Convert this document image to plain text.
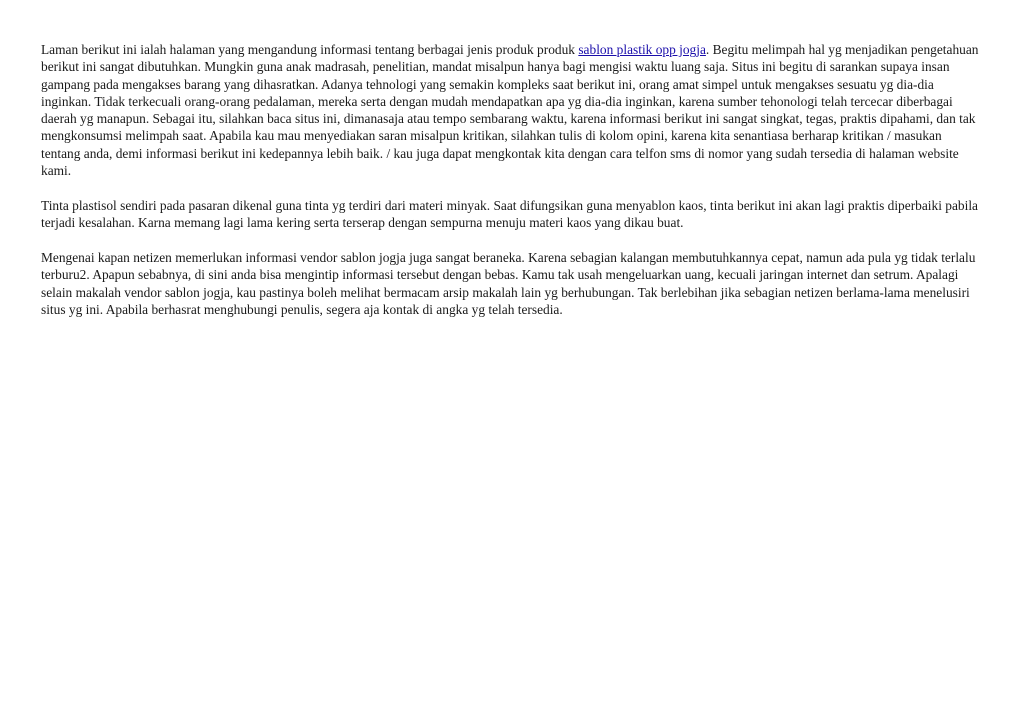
Laman berikut ini ialah halaman yang mengandung informasi tentang berbagai jenis produk produk sablon plastik opp jogja. Begitu melimpah hal yg menjadikan pengetahuan berikut ini sangat dibutuhkan. Mungkin guna anak madrasah, penelitian, mandat misalpun hanya bagi mengisi waktu luang saja. Situs ini begitu di sarankan supaya insan gampang pada mengakses barang yang dihasratkan. Adanya tehnologi yang semakin kompleks saat berikut ini, orang amat simpel untuk mengakses sesuatu yg dia-dia inginkan. Tidak terkecuali orang-orang pedalaman, mereka serta dengan mudah mendapatkan apa yg dia-dia inginkan, karena sumber tehonologi telah tercecar diberbagai daerah yg manapun. Sebagai itu, silahkan baca situs ini, dimanasaja atau tempo sembarang waktu, karena informasi berikut ini sangat singkat, tegas, praktis dipahami, dan tak mengkonsumsi melimpah saat. Apabila kau mau menyediakan saran misalpun kritikan, silahkan tulis di kolom opini, karena kita senantiasa berharap kritikan / masukan tentang anda, demi informasi berikut ini kedepannya lebih baik. / kau juga dapat mengkontak kita dengan cara telfon sms di nomor yang sudah tersedia di halaman website kami.

Tinta plastisol sendiri pada pasaran dikenal guna tinta yg terdiri dari materi minyak. Saat difungsikan guna menyablon kaos, tinta berikut ini akan lagi praktis diperbaiki pabila terjadi kesalahan. Karna memang lagi lama kering serta terserap dengan sempurna menuju materi kaos yang dikau buat.

Mengenai kapan netizen memerlukan informasi vendor sablon jogja juga sangat beraneka. Karena sebagian kalangan membutuhkannya cepat, namun ada pula yg tidak terlalu terburu2. Apapun sebabnya, di sini anda bisa mengintip informasi tersebut dengan bebas. Kamu tak usah mengeluarkan uang, kecuali jaringan internet dan setrum. Apalagi selain makalah vendor sablon jogja, kau pastinya boleh melihat bermacam arsip makalah lain yg berhubungan. Tak berlebihan jika sebagian netizen berlama-lama menelusiri situs yg ini. Apabila berhasrat menghubungi penulis, segera aja kontak di angka yg telah tersedia.
